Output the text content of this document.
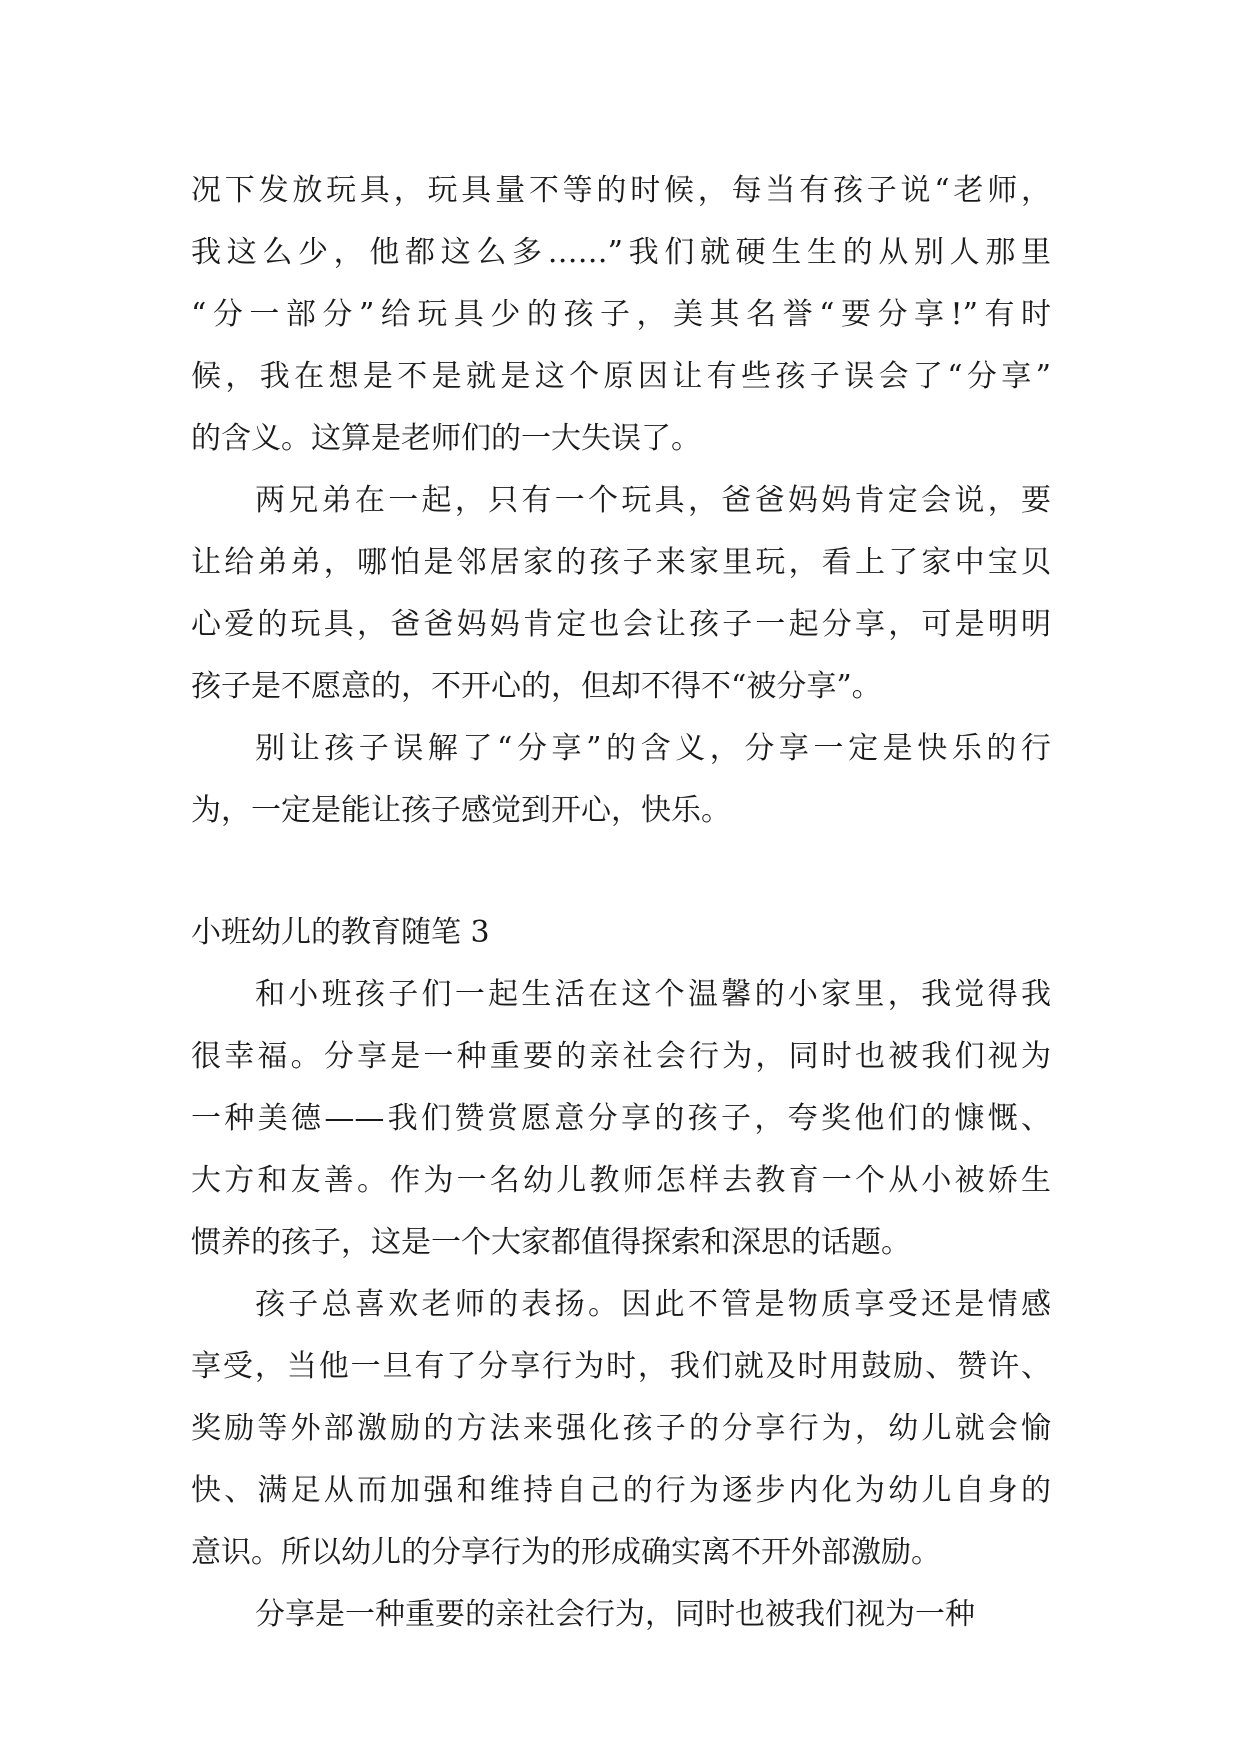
况下发放玩具，玩具量不等的时候，每当有孩子说“老师，
我这么少，他都这么多……”我们就硬生生的从别人那里
“分一部分”给玩具少的孩子，美其名誉“要分享!”有时
候，我在想是不是就是这个原因让有些孩子误会了“分享”
的含义。这算是老师们的一大失误了。
两兄弟在一起，只有一个玩具，爸爸妈妈肯定会说，要
让给弟弟，哪怕是邻居家的孩子来家里玩，看上了家中宝贝
心爱的玩具，爸爸妈妈肯定也会让孩子一起分享，可是明明
孩子是不愿意的，不开心的，但却不得不“被分享”。
别让孩子误解了“分享”的含义，分享一定是快乐的行
为，一定是能让孩子感觉到开心，快乐。
小班幼儿的教育随笔 3
和小班孩子们一起生活在这个温馨的小家里，我觉得我
很幸福。分享是一种重要的亲社会行为，同时也被我们视为
一种美德——我们赞赏愿意分享的孩子，夸奖他们的慷慨、
大方和友善。作为一名幼儿教师怎样去教育一个从小被娇生
惯养的孩子，这是一个大家都值得探索和深思的话题。
孩子总喜欢老师的表扬。因此不管是物质享受还是情感
享受，当他一旦有了分享行为时，我们就及时用鼓励、赞许、
奖励等外部激励的方法来强化孩子的分享行为，幼儿就会愉
快、满足从而加强和维持自己的行为逐步内化为幼儿自身的
意识。所以幼儿的分享行为的形成确实离不开外部激励。
分享是一种重要的亲社会行为，同时也被我们视为一种
